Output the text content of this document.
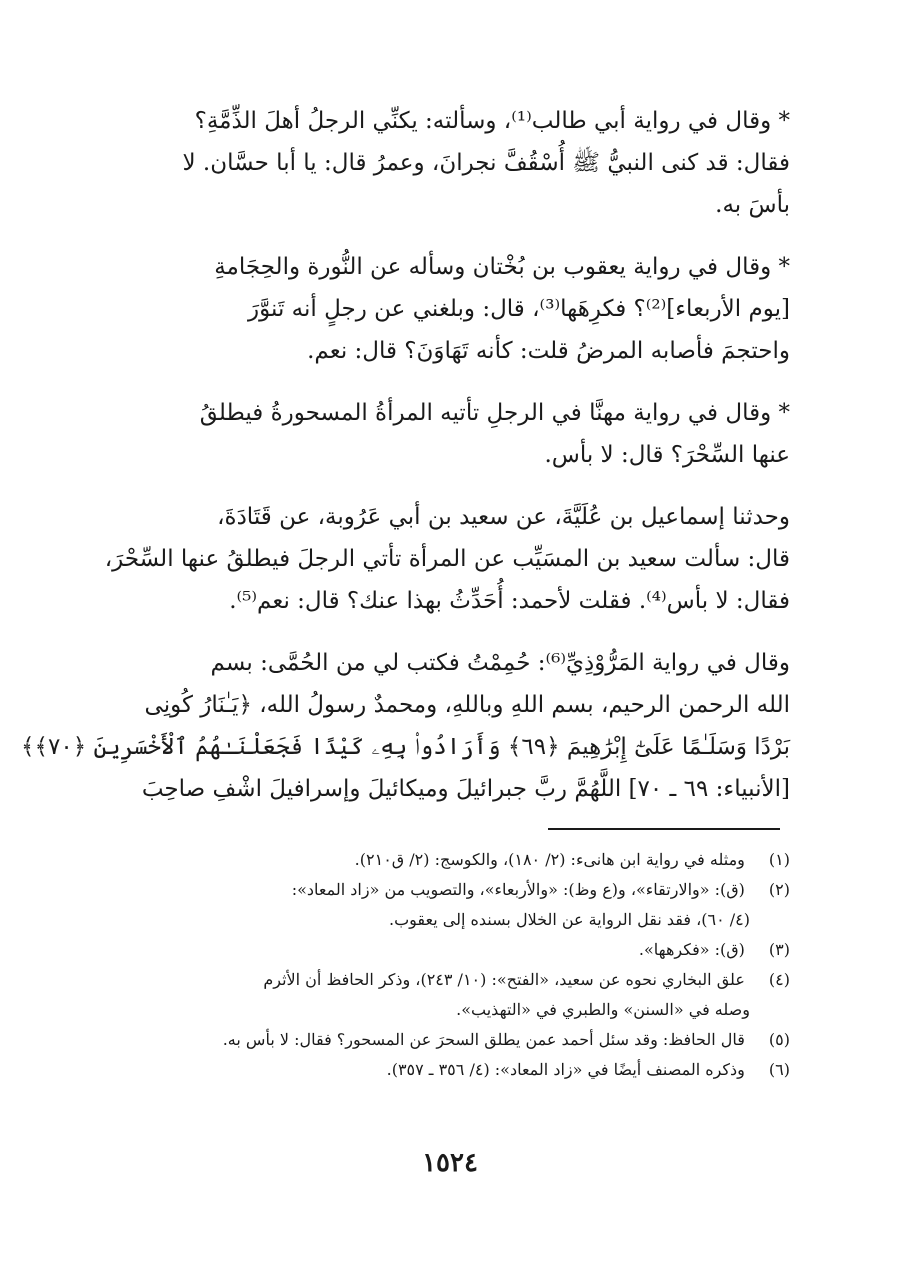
* وقال في رواية أبي طالب⁽¹⁾، وسألته: يكنِّي الرجلُ أهلَ الذِّمَّةِ؟
فقال: قد كنى النبيُّ ﷺ أُسْقُفَّ نجرانَ، وعمرُ قال: يا أبا حسَّان. لا
بأسَ به.
* وقال في رواية يعقوب بن بُخْتان وسأله عن النُّورة والحِجَامةِ
[يوم الأربعاء]⁽²⁾؟ فكرِهَها⁽³⁾، قال: وبلغني عن رجلٍ أنه تَنوَّرَ
واحتجمَ فأصابه المرضُ قلت: كأنه تَهَاوَنَ؟ قال: نعم.
* وقال في رواية مهنَّا في الرجلِ تأتيه المرأةُ المسحورةُ فيطلقُ
عنها السِّحْرَ؟ قال: لا بأس.
وحدثنا إسماعيل بن عُلَيَّةَ، عن سعيد بن أبي عَرُوبة، عن قَتَادَةَ،
قال: سألت سعيد بن المسَيِّب عن المرأة تأتي الرجلَ فيطلقُ عنها السِّحْرَ،
فقال: لا بأس⁽⁴⁾. فقلت لأحمد: أُحَدِّثُ بهذا عنك؟ قال: نعم⁽⁵⁾.
وقال في رواية المَرُّوْذِيِّ⁽⁶⁾: حُمِمْتُ فكتب لي من الحُمَّى: بسم
الله الرحمن الرحيم، بسم اللهِ وباللهِ، ومحمدٌ رسولُ الله، ﴿يَـٰنَارُ كُونِى
بَرْدًا وَسَلَـٰمًا عَلَىٰٓ إِبْرَٰهِيمَ ﴿٦٩﴾ وَأَرَادُوا۟ بِهِۦ كَيْدًا فَجَعَلْنَـٰهُمُ ٱلْأَخْسَرِينَ ﴿٧٠﴾﴾
[الأنبياء: ٦٩ ـ ٧٠] اللَّهُمَّ ربَّ جبرائيلَ وميكائيلَ وإسرافيلَ اشْفِ صاحِبَ
(١) ومثله في رواية ابن هانىء: (٢/ ١٨٠)، والكوسج: (٢/ ق٢١٠).
(٢) (ق): «والارتقاء»، و(ع وظ): «والأربعاء»، والتصويب من «زاد المعاد»:
(٤/ ٦٠)، فقد نقل الرواية عن الخلال بسنده إلى يعقوب.
(٣) (ق): «فكرهها».
(٤) علق البخاري نحوه عن سعيد، «الفتح»: (١٠/ ٢٤٣)، وذكر الحافظ أن الأثرم
وصله في «السنن» والطبري في «التهذيب».
(٥) قال الحافظ: وقد سئل أحمد عمن يطلق السحرَ عن المسحور؟ فقال: لا بأس به.
(٦) وذكره المصنف أيضًا في «زاد المعاد»: (٤/ ٣٥٦ ـ ٣٥٧).
١٥٢٤
